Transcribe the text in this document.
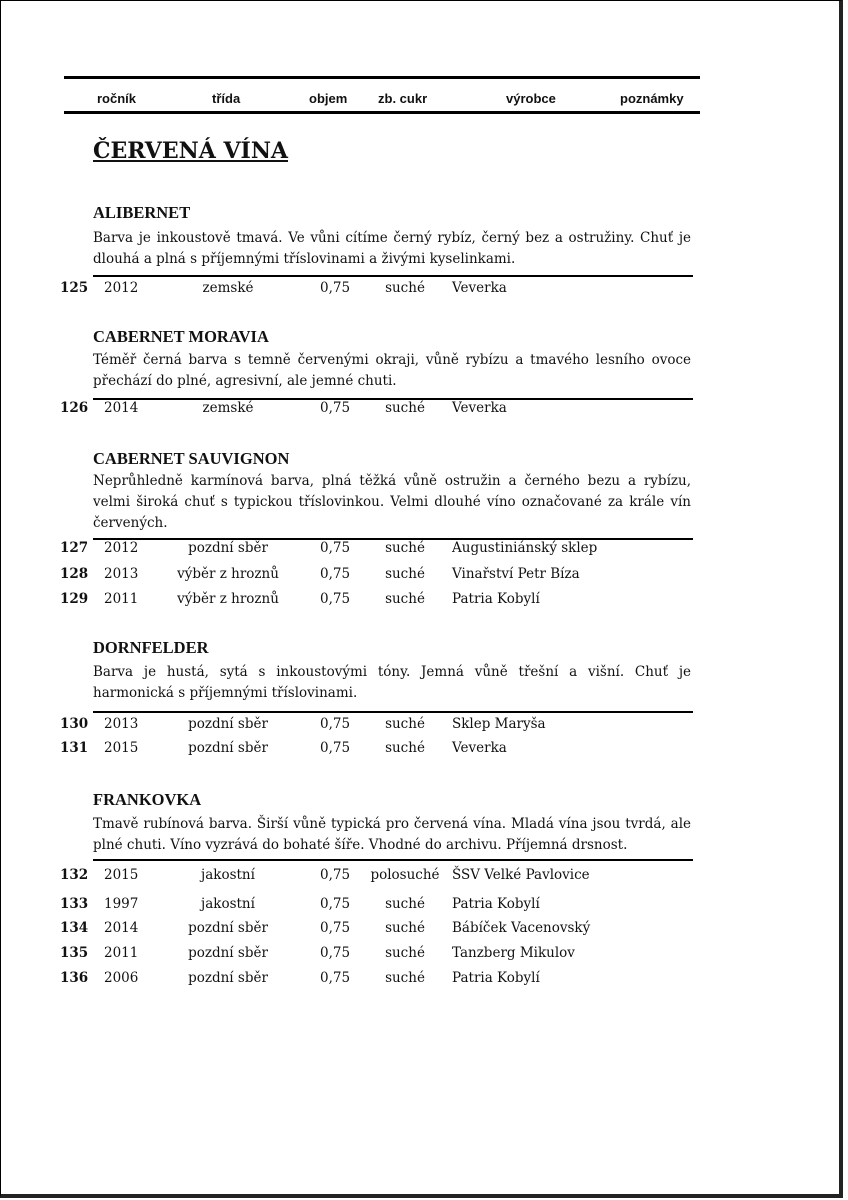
ročník	třída	objem zb. cukr	výrobce	poznámky
ČERVENÁ VÍNA
ALIBERNET
Barva je inkoustově tmavá. Ve vůni cítíme černý rybíz, černý bez a ostružiny. Chuť je dlouhá a plná s příjemnými tříslovinami a živými kyselinkami.
125 2012	zemské	0,75	suché Veverka
CABERNET MORAVIA
Téměř černá barva s temně červenými okraji, vůně rybízu a tmavého lesního ovoce přechází do plné, agresivní, ale jemné chuti.
126 2014	zemské	0,75	suché Veverka
CABERNET SAUVIGNON
Neprůhledně karmínová barva, plná těžká vůně ostružin a černého bezu a rybízu, velmi široká chuť s typickou tříslovinkou. Velmi dlouhé víno označované za krále vín červených.
127 2012	pozdní sběr	0,75	suché Augustiniánský sklep
128 2013	výběr z hroznů	0,75	suché Vinařství Petr Bíza
129 2011	výběr z hroznů	0,75	suché Patria Kobylí
DORNFELDER
Barva je hustá, sytá s inkoustovými tóny. Jemná vůně třešní a višní. Chuť je harmonická s příjemnými tříslovinami.
130 2013	pozdní sběr	0,75	suché Sklep Maryša
131 2015	pozdní sběr	0,75	suché Veverka
FRANKOVKA
Tmavě rubínová barva. Širší vůně typická pro červená vína. Mladá vína jsou tvrdá, ale plné chuti. Víno vyzrává do bohaté šíře. Vhodné do archivu. Příjemná drsnost.
132 2015	jakostní	0,75 polosuché ŠSV Velké Pavlovice
133 1997	jakostní	0,75	suché Patria Kobylí
134 2014	pozdní sběr	0,75	suché Bábíček Vacenovský
135 2011	pozdní sběr	0,75	suché Tanzberg Mikulov
136 2006	pozdní sběr	0,75	suché Patria Kobylí
